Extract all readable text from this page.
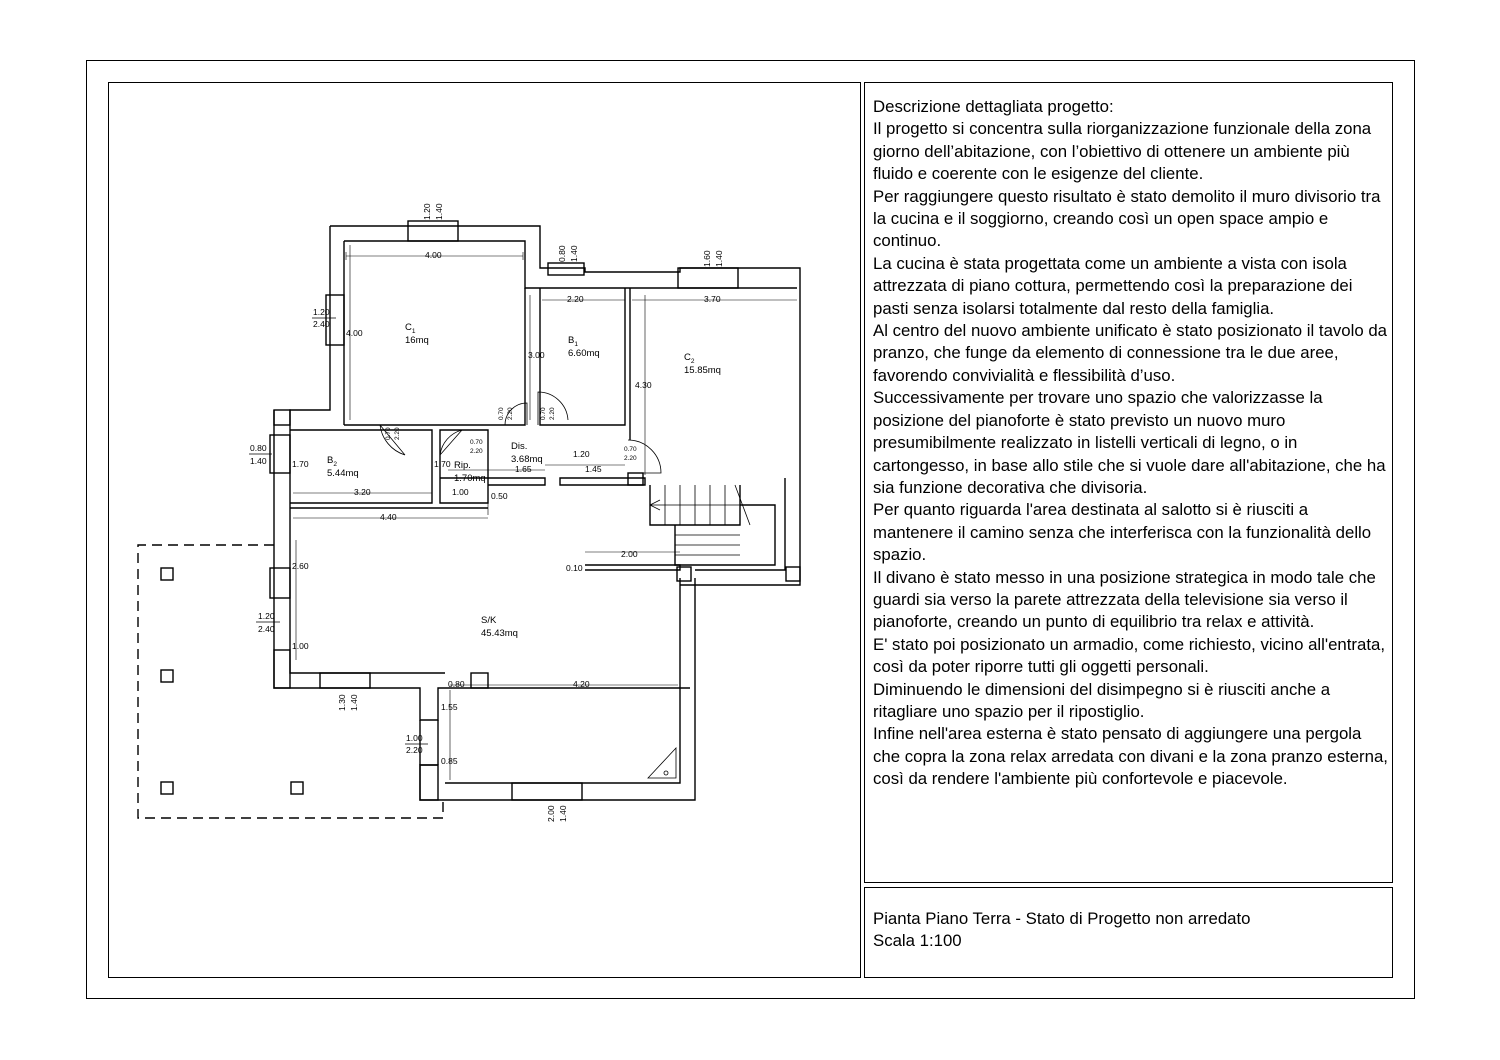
Descrizione dettagliata progetto:

Il progetto si concentra sulla riorganizzazione funzionale della zona giorno dell’abitazione, con l’obiettivo di ottenere un ambiente più fluido e coerente con le esigenze del cliente.

Per raggiungere questo risultato è stato demolito il muro divisorio tra la cucina e il soggiorno, creando così un open space ampio e continuo.

La cucina è stata progettata come un ambiente a vista con isola attrezzata di piano cottura, permettendo così la preparazione dei pasti senza isolarsi totalmente dal resto della famiglia.

Al centro del nuovo ambiente unificato è stato posizionato il tavolo da pranzo, che funge da elemento di connessione tra le due aree, favorendo convivialità e flessibilità d’uso.

Successivamente per trovare uno spazio che valorizzasse la posizione del pianoforte è stato previsto un nuovo muro presumibilmente realizzato in listelli verticali di legno, o in cartongesso, in base allo stile che si vuole dare all'abitazione, che ha sia funzione decorativa che divisoria.

Per quanto riguarda l'area destinata al salotto si è riusciti a mantenere il camino senza che interferisca con la funzionalità dello spazio.

Il divano è stato messo in una posizione strategica in modo tale che guardi sia verso la parete attrezzata della televisione sia verso il pianoforte, creando un punto di equilibrio tra relax e attività.

E' stato poi posizionato un armadio, come richiesto, vicino all'entrata, così da poter riporre tutti gli oggetti personali.

Diminuendo le dimensioni del disimpegno si è riusciti anche a ritagliare uno spazio per il ripostiglio.

Infine nell'area esterna è stato pensato di aggiungere una pergola che copra la zona relax arredata con divani e la zona pranzo esterna, così da rendere l'ambiente più confortevole e piacevole.

Pianta Piano Terra - Stato di Progetto non arredato
Scala 1:100
$C_1$
16mq	$B_1$
6.60mq	$C_2$
15.85mq
$B_2$
5.44mq
Rip.
1.70mq
Dis.
3.68mq
S/K
45.43mq
4.00
4.00
2.20
3.00
3.70
4.30
3.20
1.70	1.70
1.00
1.65
1.20
1.45
4.40
2.60
1.00
4.20
0.80
1.55
0.85
2.00
0.50
0.10
1.20 1.40
0.80 1.40	1.60 1.40
1.20
2.40
0.80
1.40
1.20
2.40
1.30 1.40
1.00
2.20
2.00 1.40
0.70 2.20
0.70 2.20	0.70 2.20
0.70
2.20	0.70
2.20
